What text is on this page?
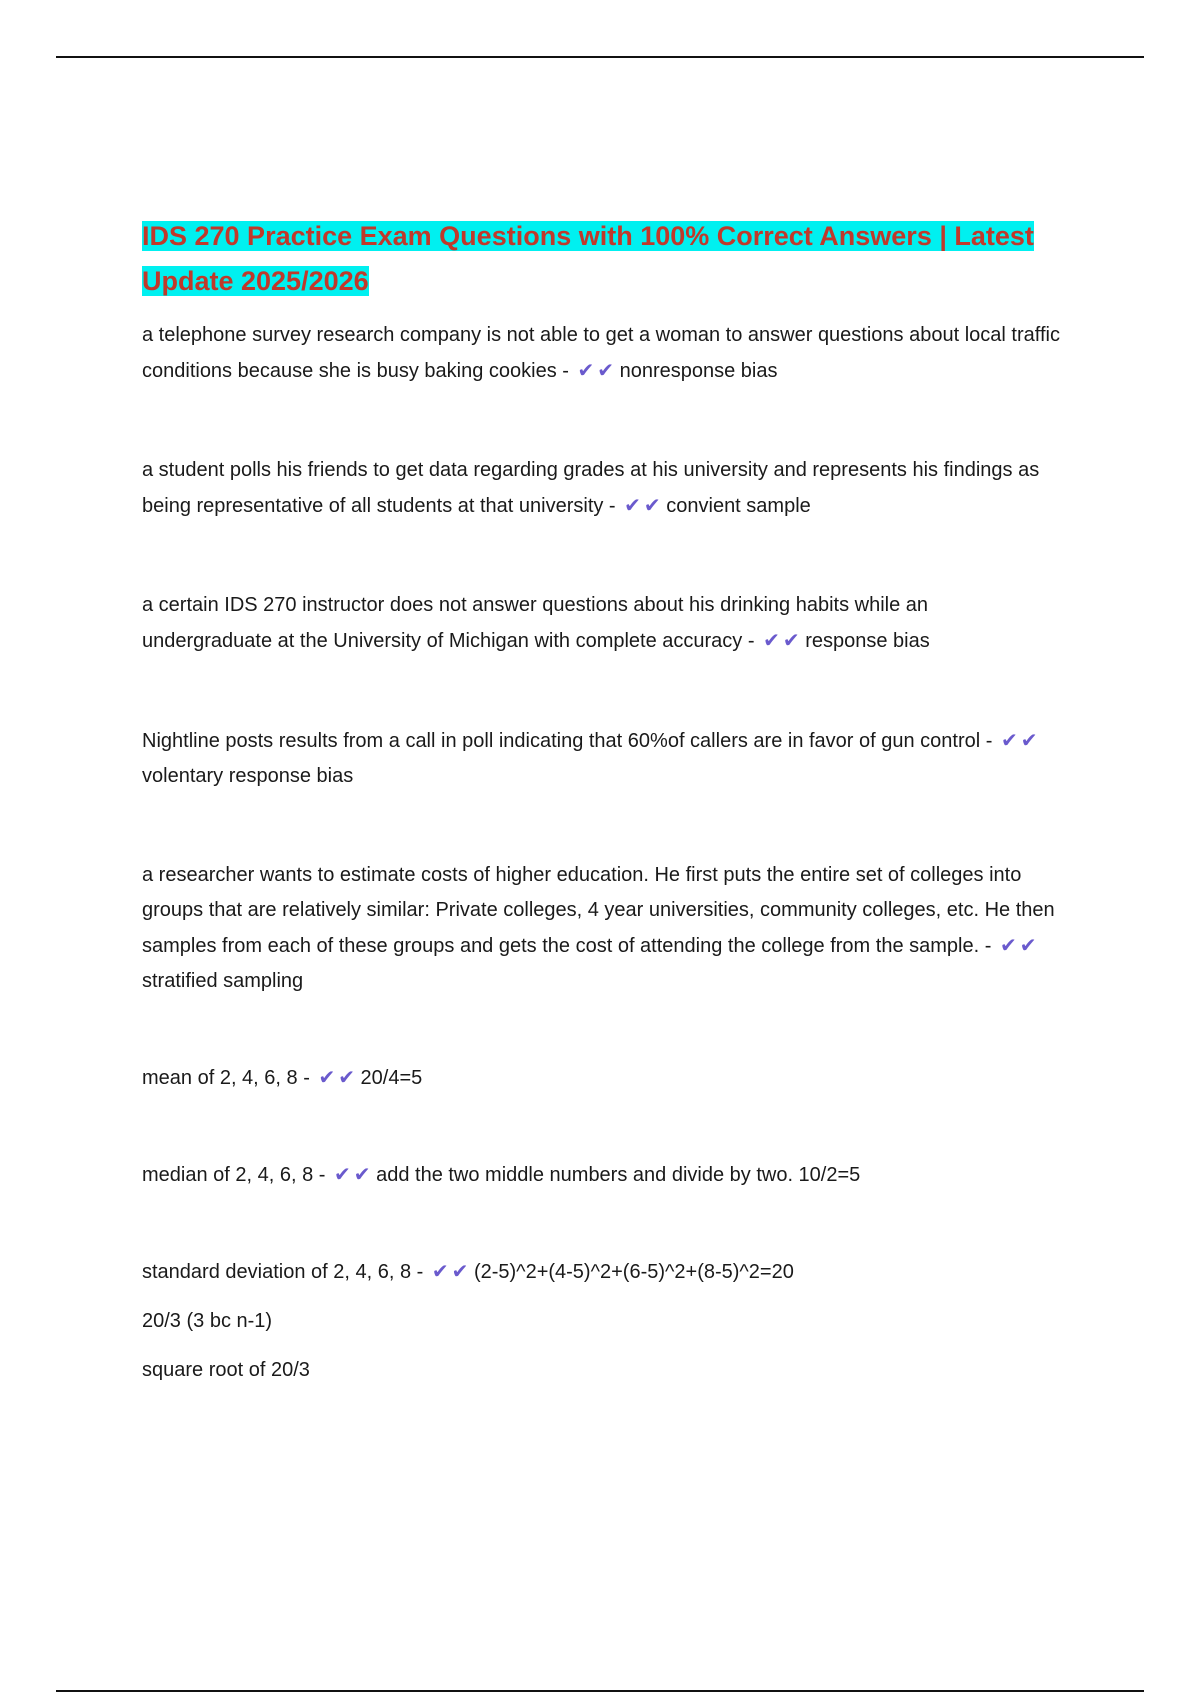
IDS 270 Practice Exam Questions with 100% Correct Answers | Latest Update 2025/2026

a telephone survey research company is not able to get a woman to answer questions about local traffic conditions because she is busy baking cookies - ✔ ✔ nonresponse bias

a student polls his friends to get data regarding grades at his university and represents his findings as being representative of all students at that university - ✔ ✔ convient sample

a certain IDS 270 instructor does not answer questions about his drinking habits while an undergraduate at the University of Michigan with complete accuracy - ✔ ✔ response bias

Nightline posts results from a call in poll indicating that 60%of callers are in favor of gun control - ✔ ✔ volentary response bias

a researcher wants to estimate costs of higher education. He first puts the entire set of colleges into groups that are relatively similar: Private colleges, 4 year universities, community colleges, etc. He then samples from each of these groups and gets the cost of attending the college from the sample. - ✔ ✔ stratified sampling

mean of 2, 4, 6, 8 - ✔ ✔ 20/4=5

median of 2, 4, 6, 8 - ✔ ✔ add the two middle numbers and divide by two. 10/2=5

standard deviation of 2, 4, 6, 8 - ✔ ✔ (2-5)^2+(4-5)^2+(6-5)^2+(8-5)^2=20

20/3 (3 bc n-1)
square root of 20/3
